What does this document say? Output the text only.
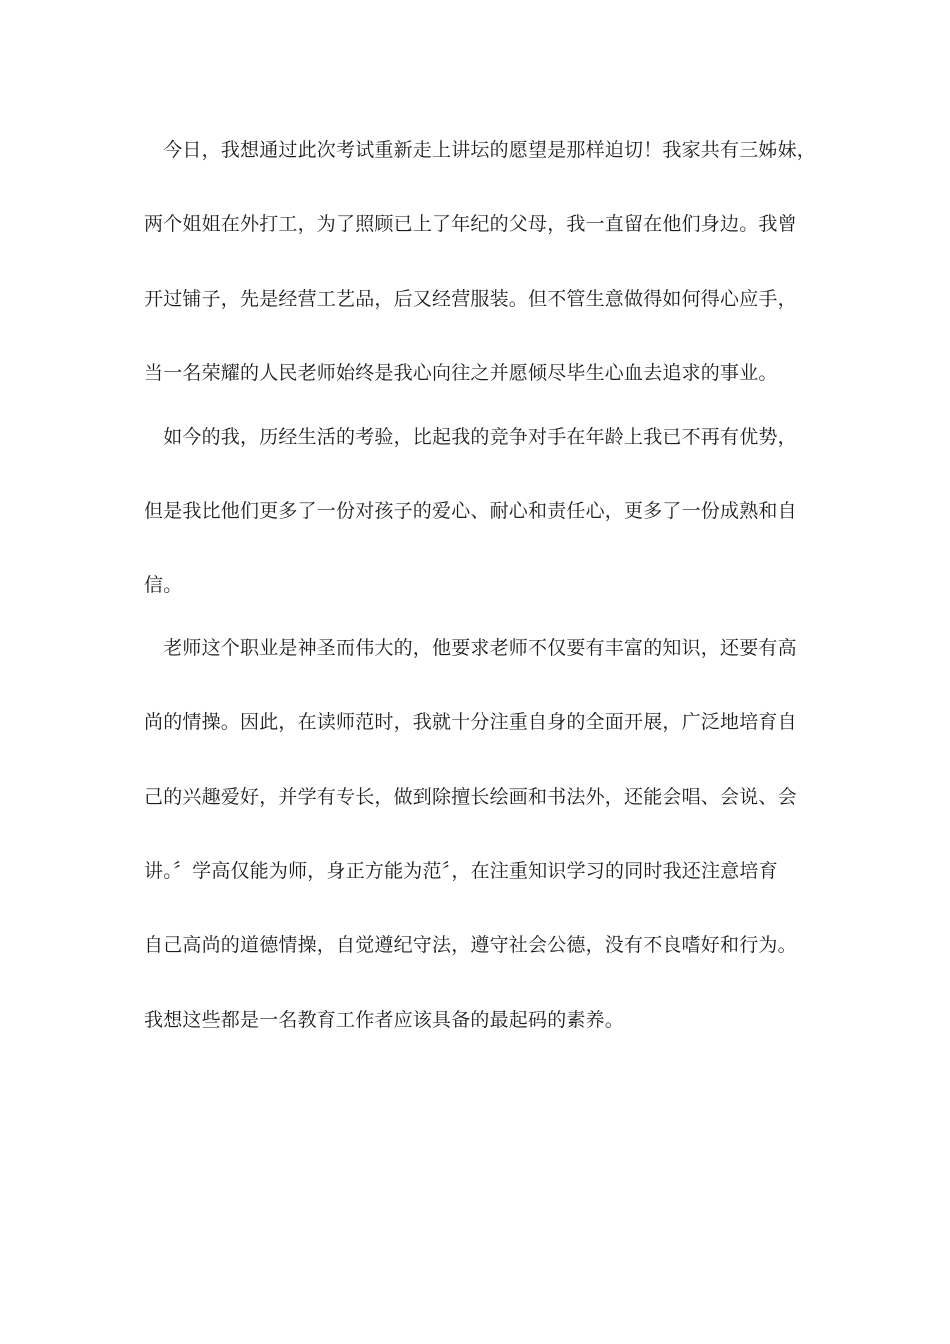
　今日，我想通过此次考试重新走上讲坛的愿望是那样迫切！我家共有三姊妹，
两个姐姐在外打工，为了照顾已上了年纪的父母，我一直留在他们身边。我曾
开过铺子，先是经营工艺品，后又经营服装。但不管生意做得如何得心应手，
当一名荣耀的人民老师始终是我心向往之并愿倾尽毕生心血去追求的事业。
　如今的我，历经生活的考验，比起我的竞争对手在年龄上我已不再有优势，
但是我比他们更多了一份对孩子的爱心、耐心和责任心，更多了一份成熟和自
信。
　老师这个职业是神圣而伟大的，他要求老师不仅要有丰富的知识，还要有高
尚的情操。因此，在读师范时，我就十分注重自身的全面开展，广泛地培育自
己的兴趣爱好，并学有专长，做到除擅长绘画和书法外，还能会唱、会说、会
讲。〞学高仅能为师，身正方能为范〞，在注重知识学习的同时我还注意培育
自己高尚的道德情操，自觉遵纪守法，遵守社会公德，没有不良嗜好和行为。
我想这些都是一名教育工作者应该具备的最起码的素养。
